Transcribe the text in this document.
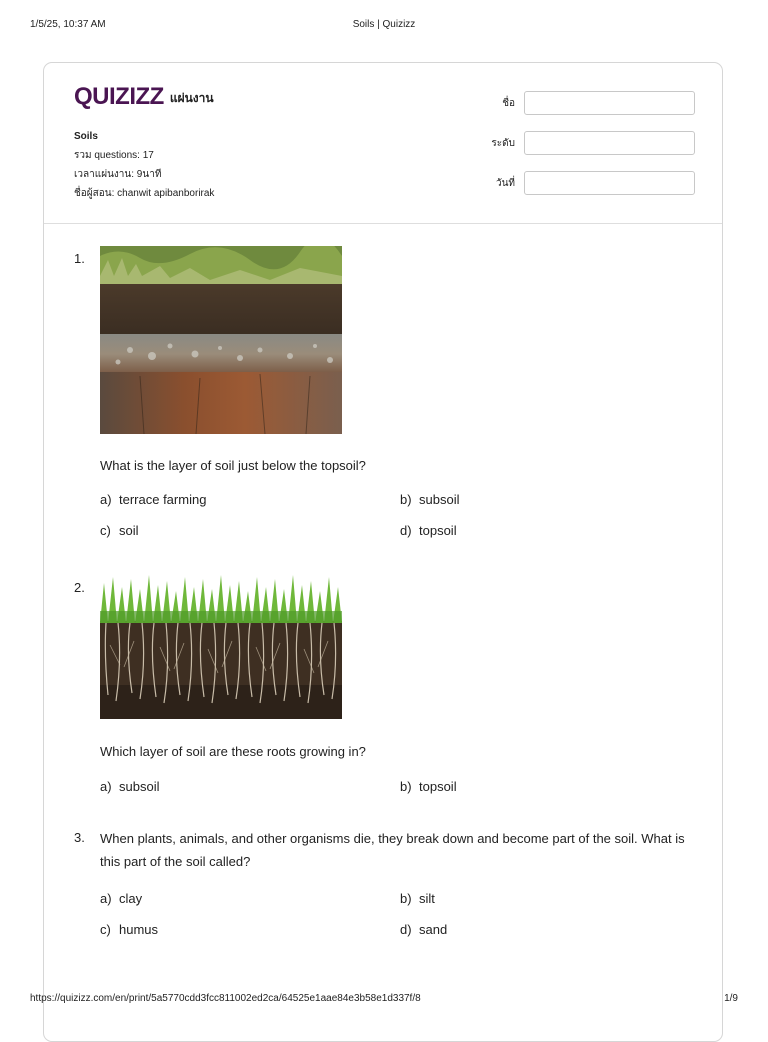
1/5/25, 10:37 AM	Soils | Quizizz
QUIZIZZ แผ่นงาน
Soils
รวม questions: 17
เวลาแผ่นงาน: 9นาที
ชื่อผู้สอน: chanwit apibanborirak
ชื่อ
ระดับ
วันที่
1.
What is the layer of soil just below the topsoil?
a) terrace farming	b) subsoil
c) soil	d) topsoil
2.
Which layer of soil are these roots growing in?
a) subsoil	b) topsoil
3. When plants, animals, and other organisms die, they break down and become part of the soil. What is this part of the soil called?
a) clay	b) silt
c) humus	d) sand
https://quizizz.com/en/print/5a5770cdd3fcc811002ed2ca/64525e1aae84e3b58e1d337f/8	1/9
